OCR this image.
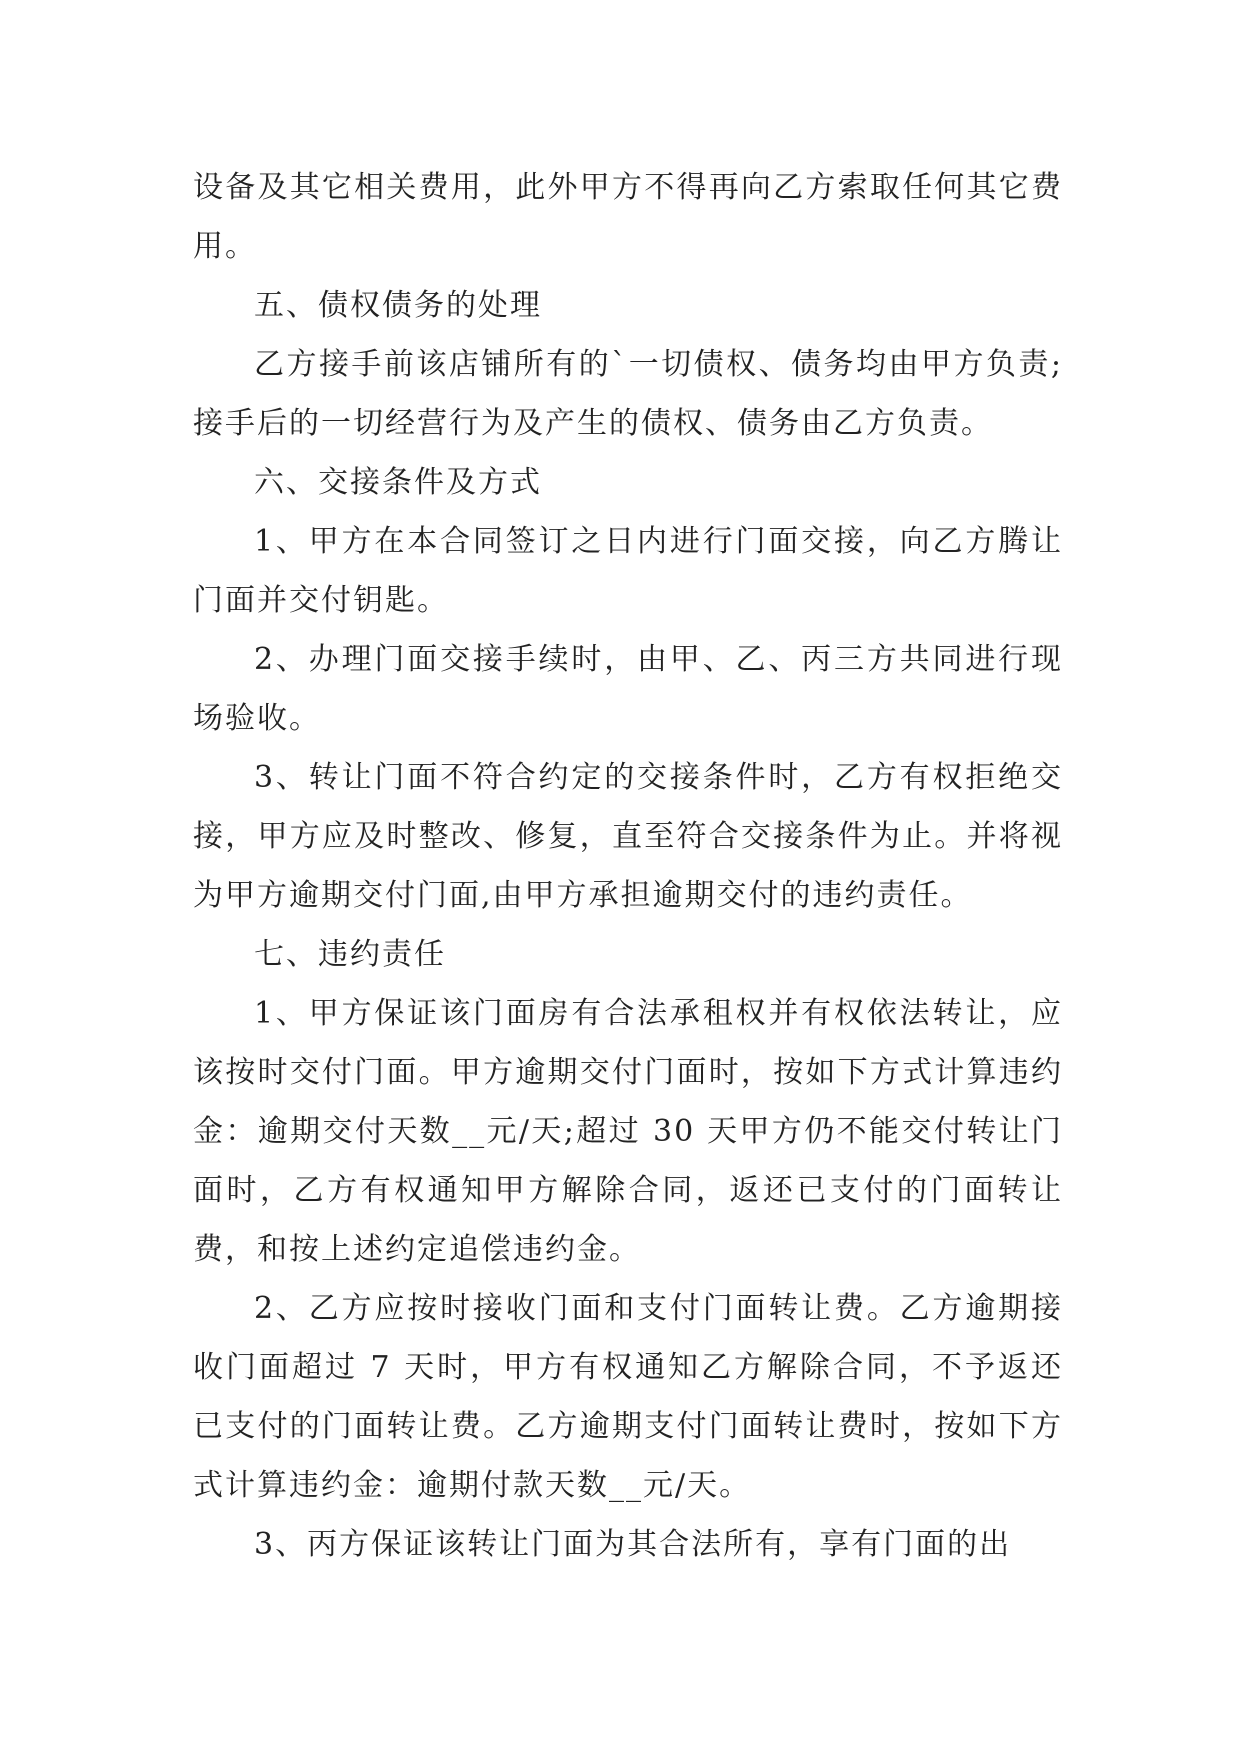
设备及其它相关费用，此外甲方不得再向乙方索取任何其它费用。

五、债权债务的处理

乙方接手前该店铺所有的`一切债权、债务均由甲方负责;接手后的一切经营行为及产生的债权、债务由乙方负责。

六、交接条件及方式

1、甲方在本合同签订之日内进行门面交接，向乙方腾让门面并交付钥匙。

2、办理门面交接手续时，由甲、乙、丙三方共同进行现场验收。

3、转让门面不符合约定的交接条件时，乙方有权拒绝交接，甲方应及时整改、修复，直至符合交接条件为止。并将视为甲方逾期交付门面,由甲方承担逾期交付的违约责任。

七、违约责任

1、甲方保证该门面房有合法承租权并有权依法转让，应该按时交付门面。甲方逾期交付门面时，按如下方式计算违约金：逾期交付天数__元/天;超过 30 天甲方仍不能交付转让门面时，乙方有权通知甲方解除合同，返还已支付的门面转让费，和按上述约定追偿违约金。

2、乙方应按时接收门面和支付门面转让费。乙方逾期接收门面超过 7 天时，甲方有权通知乙方解除合同，不予返还已支付的门面转让费。乙方逾期支付门面转让费时，按如下方式计算违约金：逾期付款天数__元/天。

3、丙方保证该转让门面为其合法所有，享有门面的出
